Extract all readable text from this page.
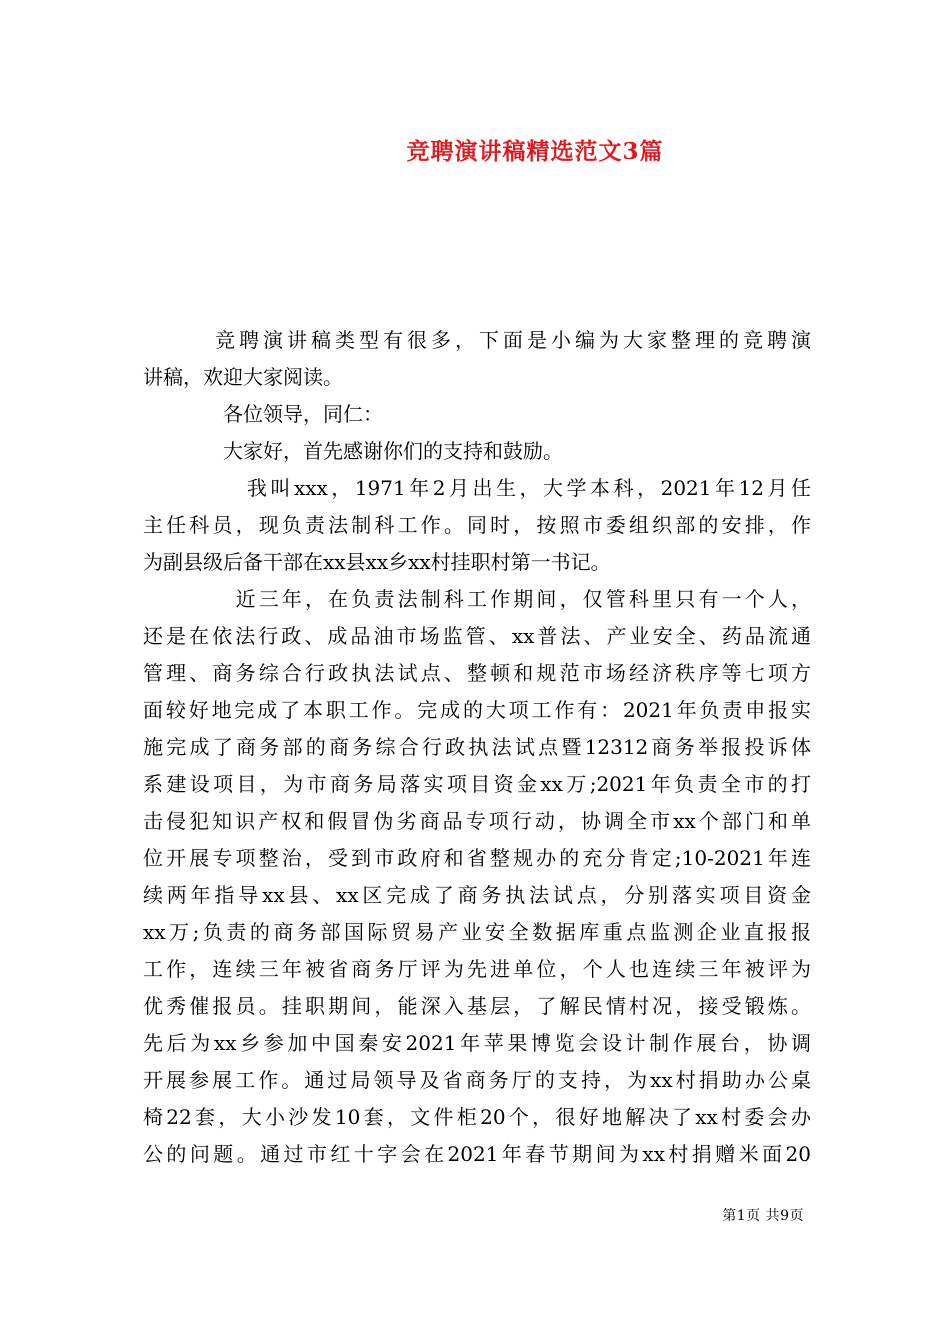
竞聘演讲稿精选范文3篇
　　　竞聘演讲稿类型有很多，下面是小编为大家整理的竞聘演
讲稿，欢迎大家阅读。
　　　　各位领导，同仁：
　　　　大家好，首先感谢你们的支持和鼓励。
　　　　 我叫xxx，1971年2月出生，大学本科，2021年12月任
主任科员，现负责法制科工作。同时，按照市委组织部的安排，作
为副县级后备干部在xx县xx乡xx村挂职村第一书记。
　　　　近三年，在负责法制科工作期间，仅管科里只有一个人，
还是在依法行政、成品油市场监管、xx普法、产业安全、药品流通
管理、商务综合行政执法试点、整顿和规范市场经济秩序等七项方
面较好地完成了本职工作。完成的大项工作有：2021年负责申报实
施完成了商务部的商务综合行政执法试点暨12312商务举报投诉体
系建设项目，为市商务局落实项目资金xx万;2021年负责全市的打
击侵犯知识产权和假冒伪劣商品专项行动，协调全市xx个部门和单
位开展专项整治，受到市政府和省整规办的充分肯定;10-2021年连
续两年指导xx县、xx区完成了商务执法试点，分别落实项目资金
xx万;负责的商务部国际贸易产业安全数据库重点监测企业直报报
工作，连续三年被省商务厅评为先进单位，个人也连续三年被评为
优秀催报员。挂职期间，能深入基层，了解民情村况，接受锻炼。
先后为xx乡参加中国秦安2021年苹果博览会设计制作展台，协调
开展参展工作。通过局领导及省商务厅的支持，为xx村捐助办公桌
椅22套，大小沙发10套，文件柜20个，很好地解决了xx村委会办
公的问题。通过市红十字会在2021年春节期间为xx村捐赠米面20
第1页 共9页
